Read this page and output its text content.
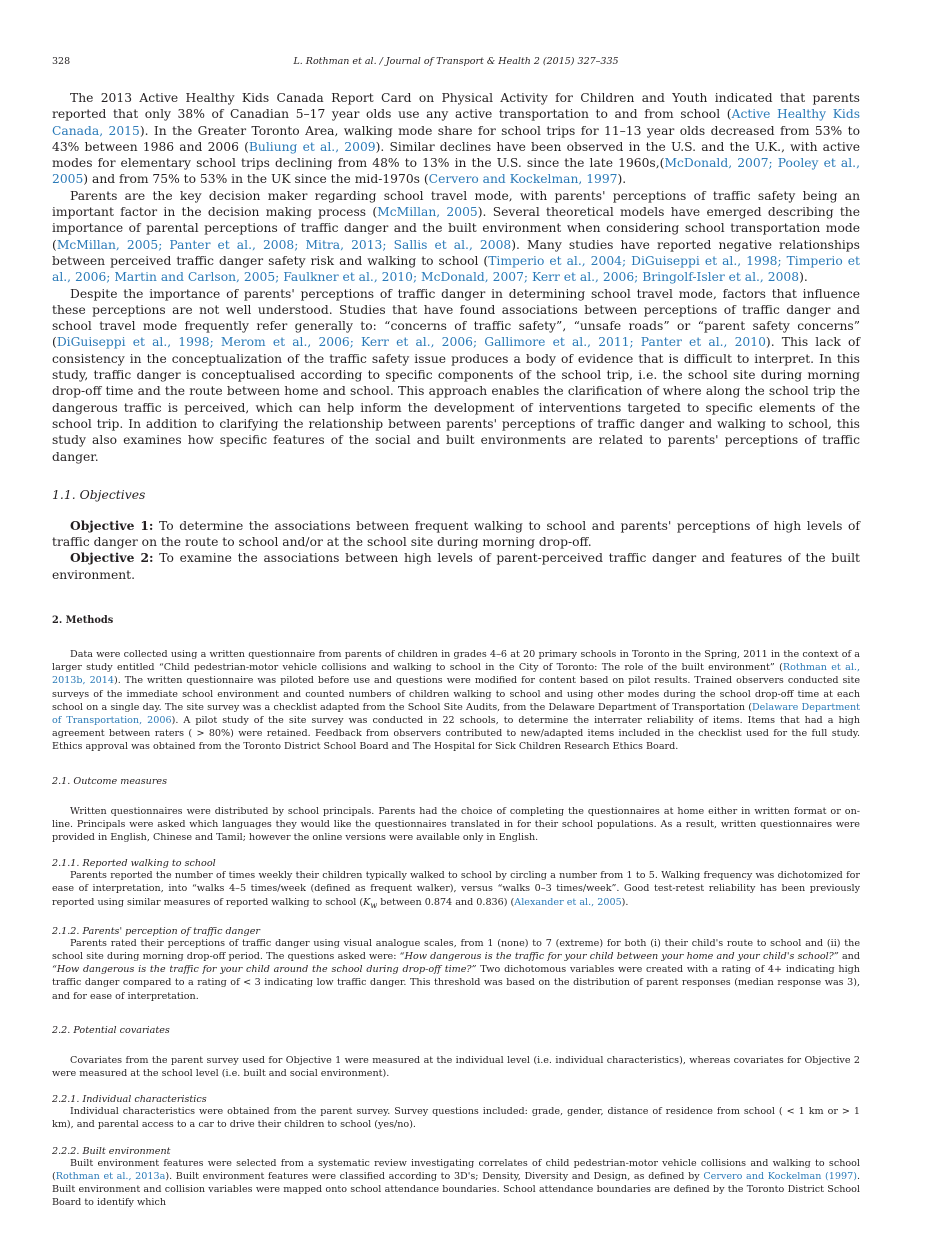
328	L. Rothman et al. / Journal of Transport & Health 2 (2015) 327–335

The 2013 Active Healthy Kids Canada Report Card on Physical Activity for Children and Youth indicated that parents reported that only 38% of Canadian 5–17 year olds use any active transportation to and from school (Active Healthy Kids Canada, 2015). In the Greater Toronto Area, walking mode share for school trips for 11–13 year olds decreased from 53% to 43% between 1986 and 2006 (Buliung et al., 2009). Similar declines have been observed in the U.S. and the U.K., with active modes for elementary school trips declining from 48% to 13% in the U.S. since the late 1960s,(McDonald, 2007; Pooley et al., 2005) and from 75% to 53% in the UK since the mid-1970s (Cervero and Kockelman, 1997).

Parents are the key decision maker regarding school travel mode, with parents' perceptions of traffic safety being an important factor in the decision making process (McMillan, 2005). Several theoretical models have emerged describing the importance of parental perceptions of traffic danger and the built environment when considering school transportation mode (McMillan, 2005; Panter et al., 2008; Mitra, 2013; Sallis et al., 2008). Many studies have reported negative relationships between perceived traffic danger safety risk and walking to school (Timperio et al., 2004; DiGuiseppi et al., 1998; Timperio et al., 2006; Martin and Carlson, 2005; Faulkner et al., 2010; McDonald, 2007; Kerr et al., 2006; Bringolf-Isler et al., 2008).

Despite the importance of parents' perceptions of traffic danger in determining school travel mode, factors that influence these perceptions are not well understood. Studies that have found associations between perceptions of traffic danger and school travel mode frequently refer generally to: “concerns of traffic safety”, “unsafe roads” or “parent safety concerns” (DiGuiseppi et al., 1998; Merom et al., 2006; Kerr et al., 2006; Gallimore et al., 2011; Panter et al., 2010). This lack of consistency in the conceptualization of the traffic safety issue produces a body of evidence that is difficult to interpret. In this study, traffic danger is conceptualised according to specific components of the school trip, i.e. the school site during morning drop-off time and the route between home and school. This approach enables the clarification of where along the school trip the dangerous traffic is perceived, which can help inform the development of interventions targeted to specific elements of the school trip. In addition to clarifying the relationship between parents' perceptions of traffic danger and walking to school, this study also examines how specific features of the social and built environments are related to parents' perceptions of traffic danger.

1.1. Objectives

Objective 1: To determine the associations between frequent walking to school and parents' perceptions of high levels of traffic danger on the route to school and/or at the school site during morning drop-off.

Objective 2: To examine the associations between high levels of parent-perceived traffic danger and features of the built environment.

2. Methods

Data were collected using a written questionnaire from parents of children in grades 4–6 at 20 primary schools in Toronto in the Spring, 2011 in the context of a larger study entitled “Child pedestrian-motor vehicle collisions and walking to school in the City of Toronto: The role of the built environment” (Rothman et al., 2013b, 2014). The written questionnaire was piloted before use and questions were modified for content based on pilot results. Trained observers conducted site surveys of the immediate school environment and counted numbers of children walking to school and using other modes during the school drop-off time at each school on a single day. The site survey was a checklist adapted from the School Site Audits, from the Delaware Department of Transportation (Delaware Department of Transportation, 2006). A pilot study of the site survey was conducted in 22 schools, to determine the interrater reliability of items. Items that had a high agreement between raters ( > 80%) were retained. Feedback from observers contributed to new/adapted items included in the checklist used for the full study. Ethics approval was obtained from the Toronto District School Board and The Hospital for Sick Children Research Ethics Board.

2.1. Outcome measures

Written questionnaires were distributed by school principals. Parents had the choice of completing the questionnaires at home either in written format or on-line. Principals were asked which languages they would like the questionnaires translated in for their school populations. As a result, written questionnaires were provided in English, Chinese and Tamil; however the online versions were available only in English.

2.1.1. Reported walking to school

Parents reported the number of times weekly their children typically walked to school by circling a number from 1 to 5. Walking frequency was dichotomized for ease of interpretation, into “walks 4–5 times/week (defined as frequent walker), versus “walks 0–3 times/week”. Good test-retest reliability has been previously reported using similar measures of reported walking to school ($K_w$ between 0.874 and 0.836) (Alexander et al., 2005).

2.1.2. Parents' perception of traffic danger

Parents rated their perceptions of traffic danger using visual analogue scales, from 1 (none) to 7 (extreme) for both (i) their child's route to school and (ii) the school site during morning drop-off period. The questions asked were: “How dangerous is the traffic for your child between your home and your child's school?” and “How dangerous is the traffic for your child around the school during drop-off time?” Two dichotomous variables were created with a rating of 4+ indicating high traffic danger compared to a rating of < 3 indicating low traffic danger. This threshold was based on the distribution of parent responses (median response was 3), and for ease of interpretation.

2.2. Potential covariates

Covariates from the parent survey used for Objective 1 were measured at the individual level (i.e. individual characteristics), whereas covariates for Objective 2 were measured at the school level (i.e. built and social environment).

2.2.1. Individual characteristics

Individual characteristics were obtained from the parent survey. Survey questions included: grade, gender, distance of residence from school ( < 1 km or > 1 km), and parental access to a car to drive their children to school (yes/no).

2.2.2. Built environment

Built environment features were selected from a systematic review investigating correlates of child pedestrian-motor vehicle collisions and walking to school (Rothman et al., 2013a). Built environment features were classified according to 3D's; Density, Diversity and Design, as defined by Cervero and Kockelman (1997). Built environment and collision variables were mapped onto school attendance boundaries. School attendance boundaries are defined by the Toronto District School Board to identify which
